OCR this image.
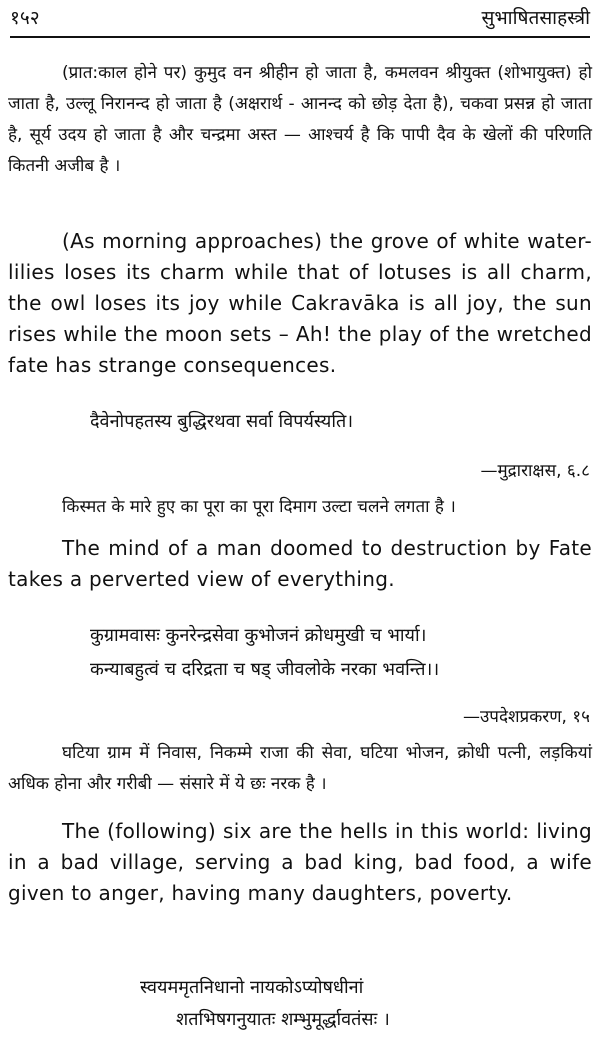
१५२	सुभाषितसाहस्त्री

(प्रात:काल होने पर) कुमुद वन श्रीहीन हो जाता है, कमलवन श्रीयुक्त (शोभायुक्त) हो जाता है, उल्लू निरानन्द हो जाता है (अक्षरार्थ - आनन्द को छोड़ देता है), चकवा प्रसन्न हो जाता है, सूर्य उदय हो जाता है और चन्द्रमा अस्त — आश्चर्य है कि पापी दैव के खेलों की परिणति कितनी अजीब है ।

(As morning approaches) the grove of white water-lilies loses its charm while that of lotuses is all charm, the owl loses its joy while Cakravāka is all joy, the sun rises while the moon sets – Ah! the play of the wretched fate has strange consequences.

दैवेनोपहतस्य बुद्धिरथवा सर्वा विपर्यस्यति।
—मुद्राराक्षस, ६.८

किस्मत के मारे हुए का पूरा का पूरा दिमाग उल्टा चलने लगता है ।

The mind of a man doomed to destruction by Fate takes a perverted view of everything.

कुग्रामवासः कुनरेन्द्रसेवा कुभोजनं क्रोधमुखी च भार्या।
कन्याबहुत्वं च दरिद्रता च षड् जीवलोके नरका भवन्ति।।
—उपदेशप्रकरण, १५

घटिया ग्राम में निवास, निकम्मे राजा की सेवा, घटिया भोजन, क्रोधी पत्नी, लड़कियां अधिक होना और गरीबी — संसारे में ये छः नरक है ।

The (following) six are the hells in this world: living in a bad village, serving a bad king, bad food, a wife given to anger, having many daughters, poverty.

स्वयममृतनिधानो नायकोऽप्योषधीनां
शतभिषगनुयातः शम्भुमूर्द्धावतंसः ।
